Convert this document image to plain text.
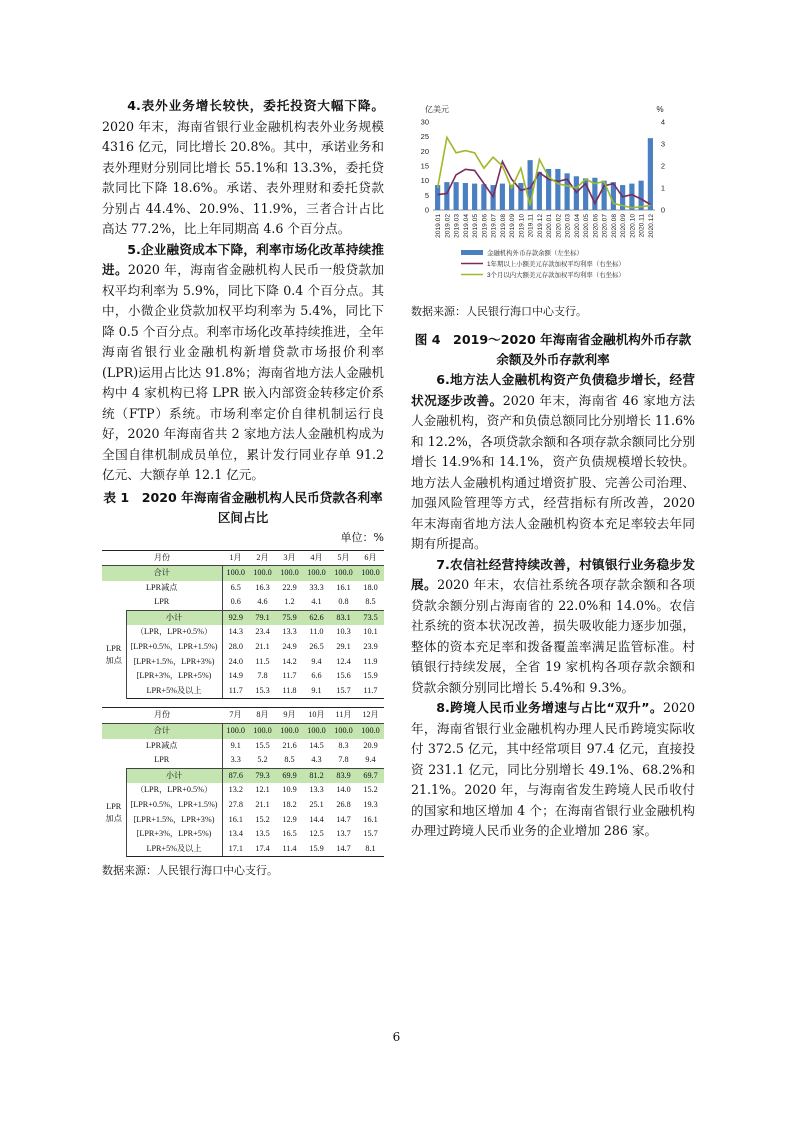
4.表外业务增长较快，委托投资大幅下降。2020 年末，海南省银行业金融机构表外业务规模 4316 亿元，同比增长 20.8%。其中，承诺业务和表外理财分别同比增长 55.1%和 13.3%，委托贷款同比下降 18.6%。承诺、表外理财和委托贷款分别占 44.4%、20.9%、11.9%，三者合计占比高达 77.2%，比上年同期高 4.6 个百分点。

5.企业融资成本下降，利率市场化改革持续推进。2020 年，海南省金融机构人民币一般贷款加权平均利率为 5.9%，同比下降 0.4 个百分点。其中，小微企业贷款加权平均利率为 5.4%，同比下降 0.5 个百分点。利率市场化改革持续推进，全年海南省银行业金融机构新增贷款市场报价利率(LPR)运用占比达 91.8%；海南省地方法人金融机构中 4 家机构已将 LPR 嵌入内部资金转移定价系统（FTP）系统。市场利率定价自律机制运行良好，2020 年海南省共 2 家地方法人金融机构成为全国自律机制成员单位，累计发行同业存单 91.2 亿元、大额存单 12.1 亿元。

表 1　2020 年海南省金融机构人民币贷款各利率区间占比
单位：%
月份		1月	2月	3月	4月	5月	6月
合计		100.0	100.0	100.0	100.0	100.0	100.0
LPR减点		6.5	16.3	22.9	33.3	16.1	18.0
LPR		0.6	4.6	1.2	4.1	0.8	8.5
LPR 加点	小计	92.9	79.1	75.9	62.6	83.1	73.5
	（LPR，LPR+0.5%）	14.3	23.4	13.3	11.0	10.3	10.1
	[LPR+0.5%，LPR+1.5%)	28.0	21.1	24.9	26.5	29.1	23.9
	[LPR+1.5%，LPR+3%)	24.0	11.5	14.2	9.4	12.4	11.9
	[LPR+3%，LPR+5%)	14.9	7.8	11.7	6.6	15.6	15.9
	LPR+5%及以上	11.7	15.3	11.8	9.1	15.7	11.7
月份		7月	8月	9月	10月	11月	12月
合计		100.0	100.0	100.0	100.0	100.0	100.0
LPR减点		9.1	15.5	21.6	14.5	8.3	20.9
LPR		3.3	5.2	8.5	4.3	7.8	9.4
LPR 加点	小计	87.6	79.3	69.9	81.2	83.9	69.7
	（LPR，LPR+0.5%）	13.2	12.1	10.9	13.3	14.0	15.2
	[LPR+0.5%，LPR+1.5%)	27.8	21.1	18.2	25.1	26.8	19.3
	[LPR+1.5%，LPR+3%)	16.1	15.2	12.9	14.4	14.7	16.1
	[LPR+3%，LPR+5%)	13.4	13.5	16.5	12.5	13.7	15.7
	LPR+5%及以上	17.1	17.4	11.4	15.9	14.7	8.1
数据来源：人民银行海口中心支行。
亿美元	%
0
5
10
15
20
25
30
0
1
2
3
4
2019.01 2019.02 2019.03 2019.04 2019.05 2019.06 2019.07 2019.08 2019.09 2019.10 2019.11 2019.12 2020.01 2020.02 2020.03 2020.04 2020.05 2020.06 2020.07 2020.08 2020.09 2020.10 2020.11 2020.12
金融机构外币存款余额（左坐标）
1年期以上小额美元存款加权平均利率（右坐标）
3个月以内大额美元存款加权平均利率（右坐标）
数据来源：人民银行海口中心支行。
图 4　2019～2020 年海南省金融机构外币存款余额及外币存款利率

6.地方法人金融机构资产负债稳步增长，经营状况逐步改善。2020 年末，海南省 46 家地方法人金融机构，资产和负债总额同比分别增长 11.6%和 12.2%，各项贷款余额和各项存款余额同比分别增长 14.9%和 14.1%，资产负债规模增长较快。地方法人金融机构通过增资扩股、完善公司治理、加强风险管理等方式，经营指标有所改善，2020 年末海南省地方法人金融机构资本充足率较去年同期有所提高。

7.农信社经营持续改善，村镇银行业务稳步发展。2020 年末，农信社系统各项存款余额和各项贷款余额分别占海南省的 22.0%和 14.0%。农信社系统的资本状况改善，损失吸收能力逐步加强，整体的资本充足率和拨备覆盖率满足监管标准。村镇银行持续发展，全省 19 家机构各项存款余额和贷款余额分别同比增长 5.4%和 9.3%。

8.跨境人民币业务增速与占比“双升”。2020 年，海南省银行业金融机构办理人民币跨境实际收付 372.5 亿元，其中经常项目 97.4 亿元，直接投资 231.1 亿元，同比分别增长 49.1%、68.2%和 21.1%。2020 年，与海南省发生跨境人民币收付的国家和地区增加 4 个；在海南省银行业金融机构办理过跨境人民币业务的企业增加 286 家。

6
